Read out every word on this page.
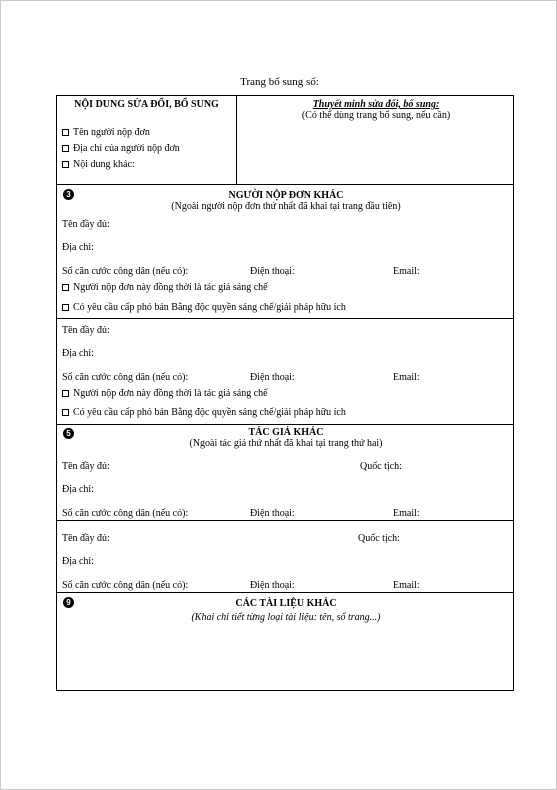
Trang bổ sung số:
NỘI DUNG SỬA ĐỔI, BỔ SUNG
Tên người nộp đơn
Địa chỉ của người nộp đơn
Nội dung khác:
Thuyết minh sửa đổi, bổ sung:
(Có thể dùng trang bổ sung, nếu cần)
3	NGƯỜI NỘP ĐƠN KHÁC
(Ngoài người nộp đơn thứ nhất đã khai tại trang đầu tiên)
Tên đầy đủ:
Địa chỉ:
Số căn cước công dân (nếu có):	Điện thoại:	Email:
Người nộp đơn này đồng thời là tác giả sáng chế
Có yêu cầu cấp phó bản Bằng độc quyền sáng chế/giải pháp hữu ích
Tên đầy đủ:
Địa chỉ:
Số căn cước công dân (nếu có):	Điện thoại:	Email:
Người nộp đơn này đồng thời là tác giả sáng chế
Có yêu cầu cấp phó bản Bằng độc quyền sáng chế/giải pháp hữu ích
5	TÁC GIẢ KHÁC
(Ngoài tác giả thứ nhất đã khai tại trang thứ hai)
Tên đầy đủ:	Quốc tịch:
Địa chỉ:
Số căn cước công dân (nếu có):	Điện thoại:	Email:
Tên đầy đủ:	Quốc tịch:
Địa chỉ:
Số căn cước công dân (nếu có):	Điện thoại:	Email:
9	CÁC TÀI LIỆU KHÁC
(Khai chi tiết từng loại tài liệu: tên, số trang...)
